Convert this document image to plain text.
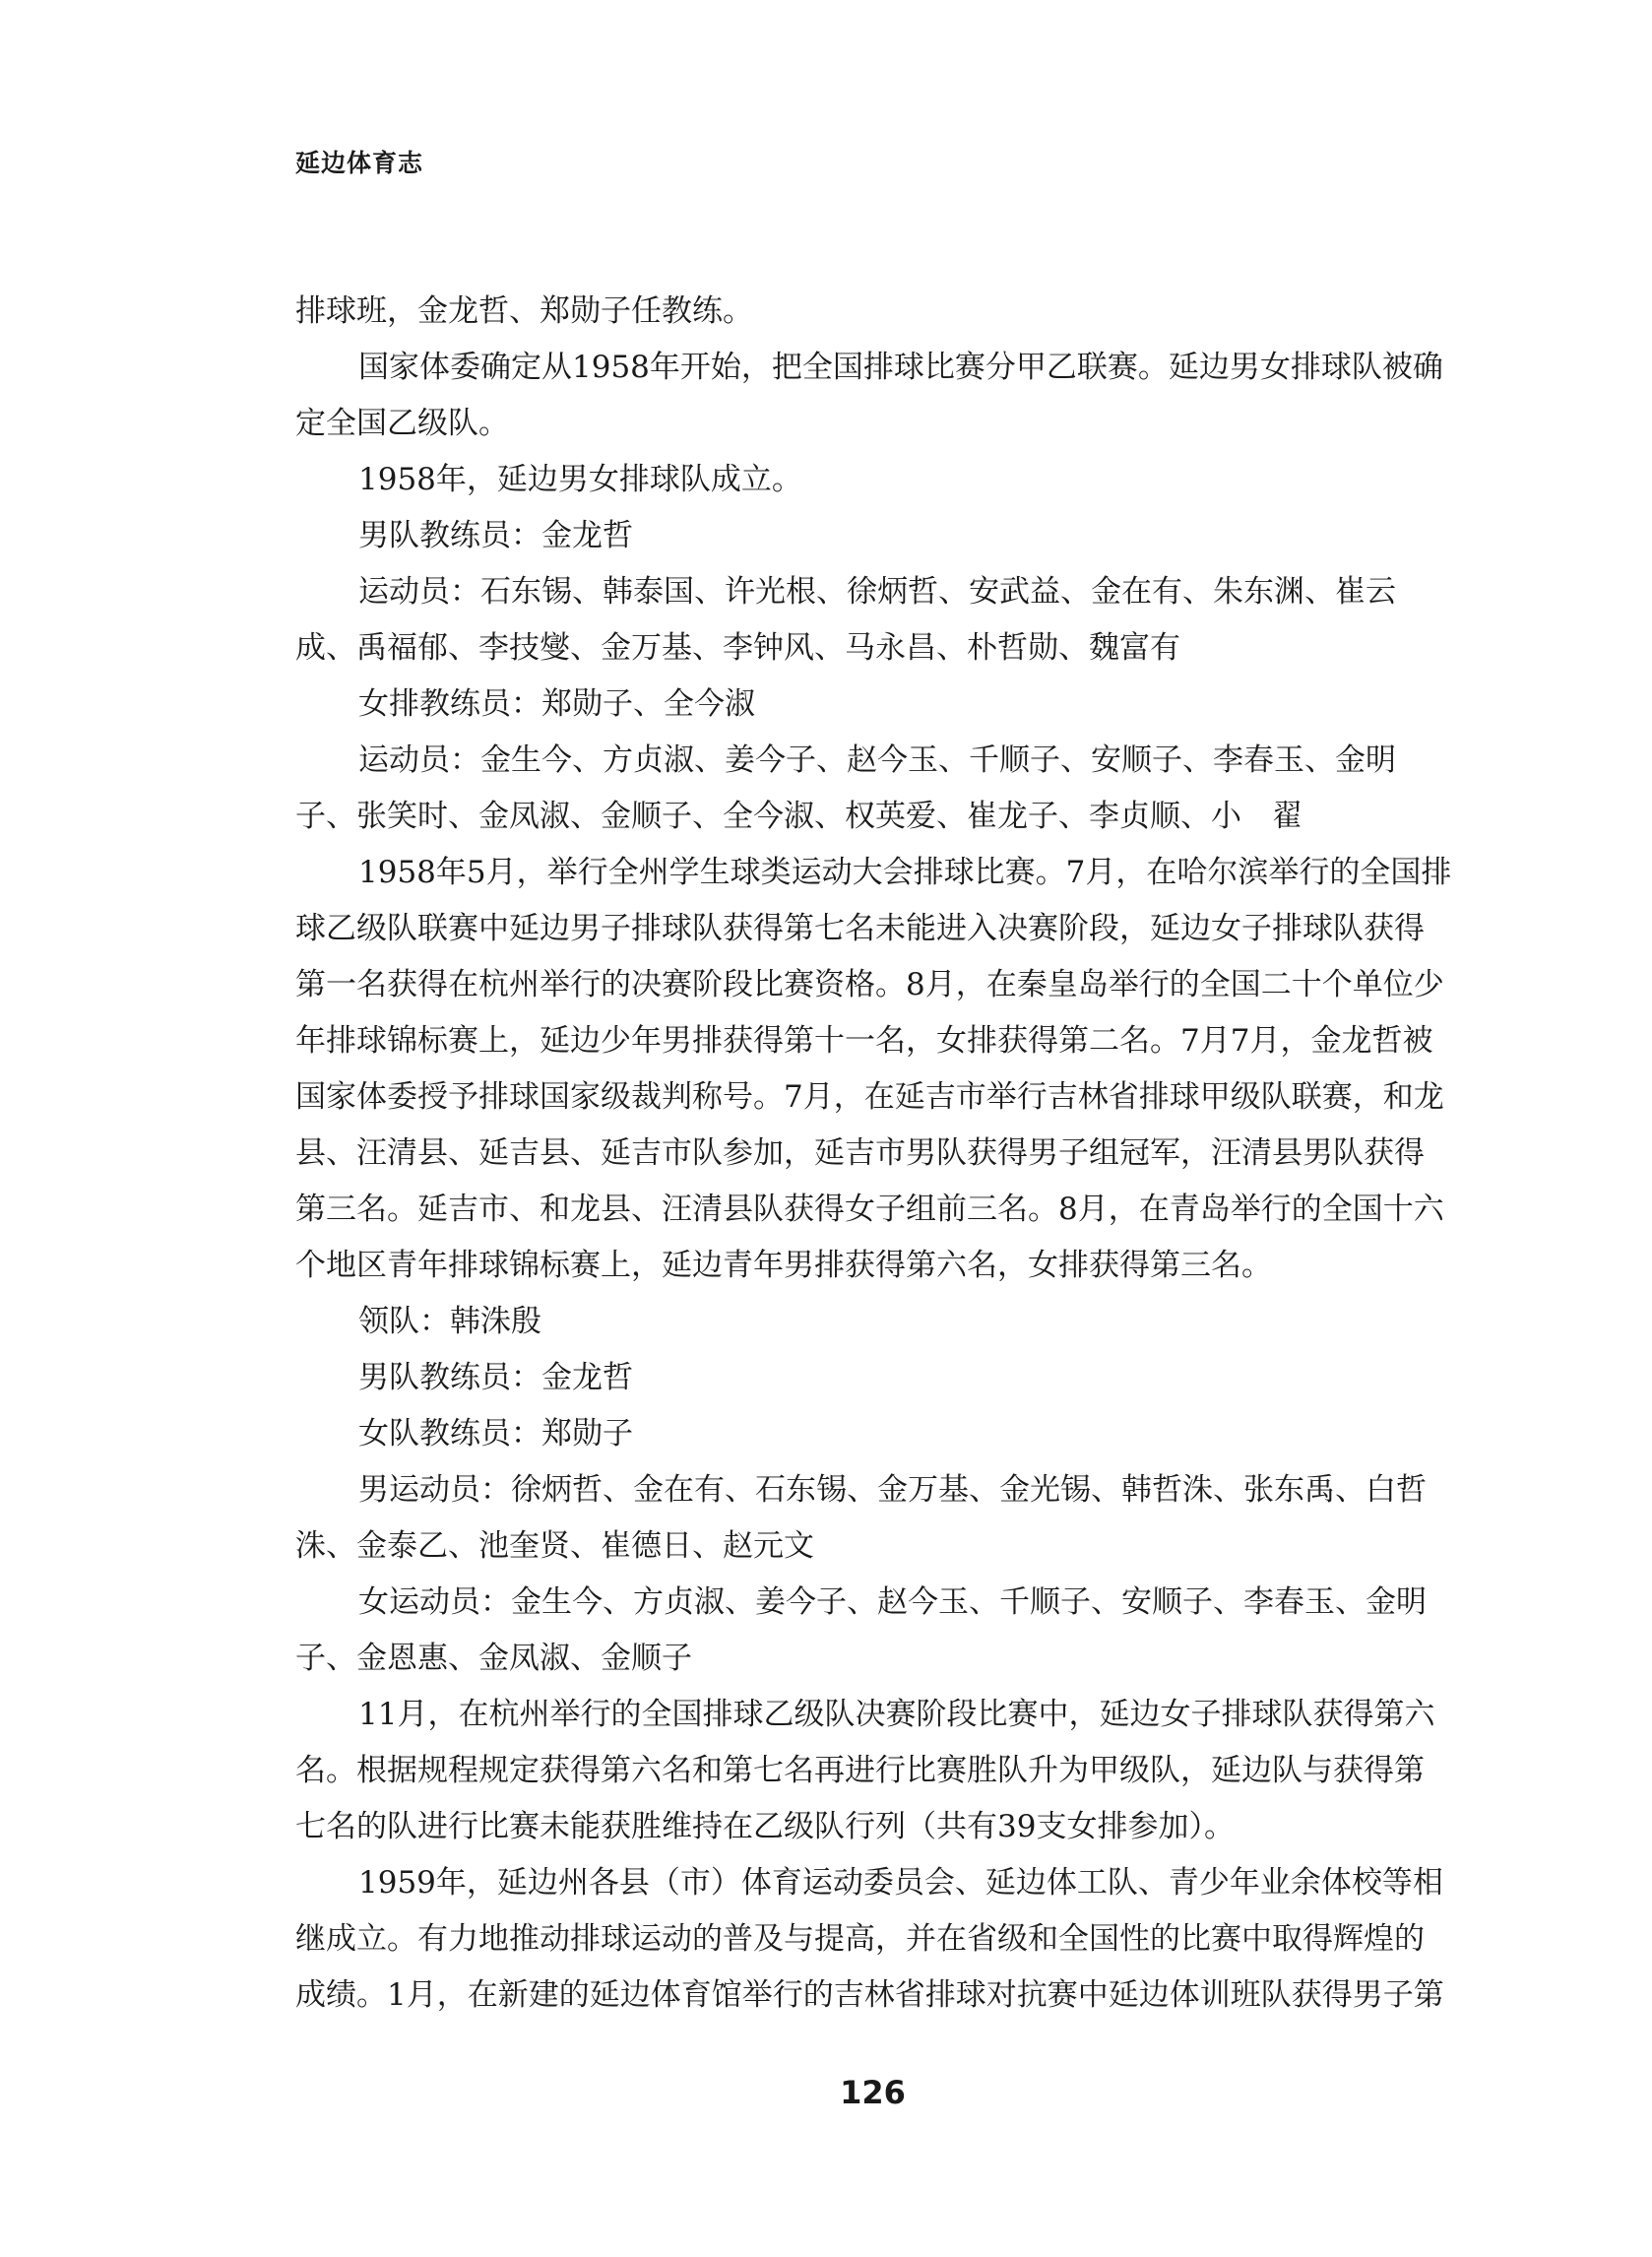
延边体育志
排球班，金龙哲、郑勋子任教练。
国家体委确定从1958年开始，把全国排球比赛分甲乙联赛。延边男女排球队被确
定全国乙级队。
1958年，延边男女排球队成立。
男队教练员：金龙哲
运动员：石东锡、韩泰国、许光根、徐炳哲、安武益、金在有、朱东渊、崔云
成、禹福郁、李技燮、金万基、李钟风、马永昌、朴哲勋、魏富有
女排教练员：郑勋子、全今淑
运动员：金生今、方贞淑、姜今子、赵今玉、千顺子、安顺子、李春玉、金明
子、张笑时、金凤淑、金顺子、全今淑、权英爱、崔龙子、李贞顺、小　翟
1958年5月，举行全州学生球类运动大会排球比赛。7月，在哈尔滨举行的全国排
球乙级队联赛中延边男子排球队获得第七名未能进入决赛阶段，延边女子排球队获得
第一名获得在杭州举行的决赛阶段比赛资格。8月，在秦皇岛举行的全国二十个单位少
年排球锦标赛上，延边少年男排获得第十一名，女排获得第二名。7月7月，金龙哲被
国家体委授予排球国家级裁判称号。7月，在延吉市举行吉林省排球甲级队联赛，和龙
县、汪清县、延吉县、延吉市队参加，延吉市男队获得男子组冠军，汪清县男队获得
第三名。延吉市、和龙县、汪清县队获得女子组前三名。8月，在青岛举行的全国十六
个地区青年排球锦标赛上，延边青年男排获得第六名，女排获得第三名。
领队：韩洙殷
男队教练员：金龙哲
女队教练员：郑勋子
男运动员：徐炳哲、金在有、石东锡、金万基、金光锡、韩哲洙、张东禹、白哲
洙、金泰乙、池奎贤、崔德日、赵元文
女运动员：金生今、方贞淑、姜今子、赵今玉、千顺子、安顺子、李春玉、金明
子、金恩惠、金凤淑、金顺子
11月，在杭州举行的全国排球乙级队决赛阶段比赛中，延边女子排球队获得第六
名。根据规程规定获得第六名和第七名再进行比赛胜队升为甲级队，延边队与获得第
七名的队进行比赛未能获胜维持在乙级队行列（共有39支女排参加）。
1959年，延边州各县（市）体育运动委员会、延边体工队、青少年业余体校等相
继成立。有力地推动排球运动的普及与提高，并在省级和全国性的比赛中取得辉煌的
成绩。1月，在新建的延边体育馆举行的吉林省排球对抗赛中延边体训班队获得男子第
126
